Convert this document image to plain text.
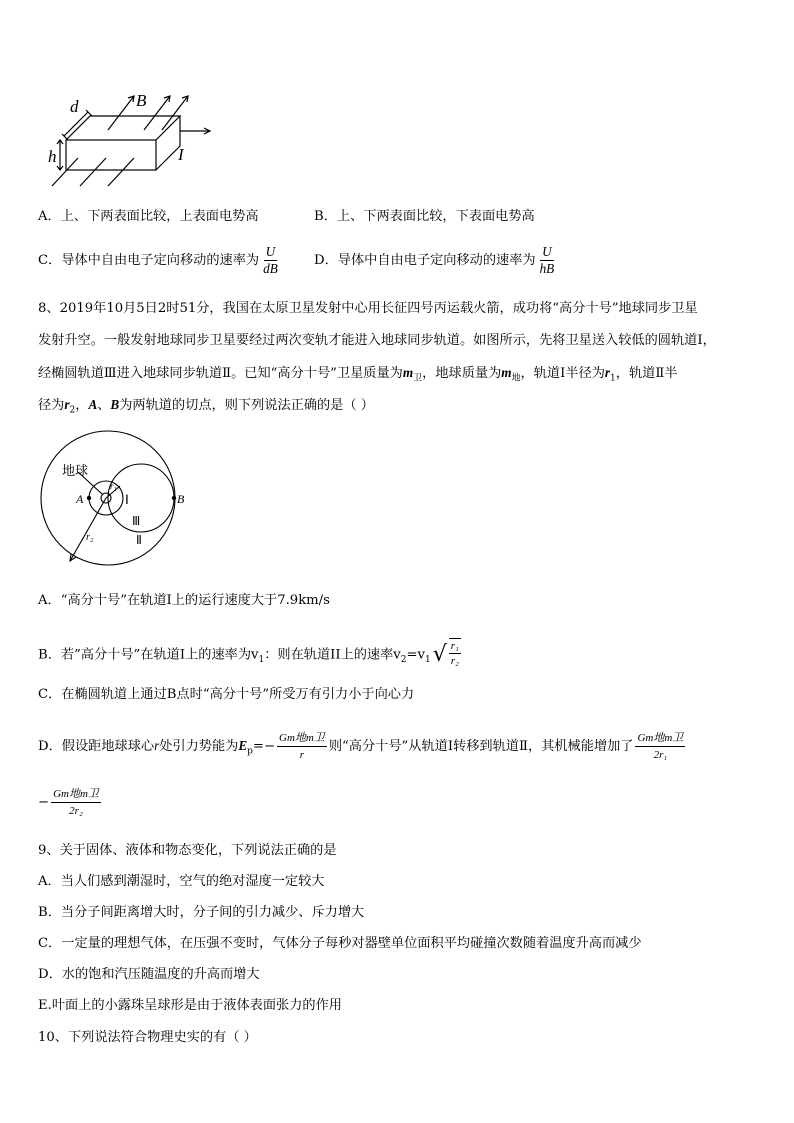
d	B
h	I
A．上、下两表面比较，上表面电势高	B．上、下两表面比较，下表面电势高
C．导体中自由电子定向移动的速率为 $\frac{U}{dB}$	D．导体中自由电子定向移动的速率为 $\frac{U}{hB}$
8、2019年10月5日2时51分，我国在太原卫星发射中心用长征四号丙运载火箭，成功将“高分十号”地球同步卫星
发射升空。一般发射地球同步卫星要经过两次变轨才能进入地球同步轨道。如图所示，先将卫星送入较低的圆轨道Ⅰ，
经椭圆轨道Ⅲ进入地球同步轨道Ⅱ。已知“高分十号”卫星质量为$m_卫$，地球质量为$m_地$，轨道Ⅰ半径为$r_1$，轨道Ⅱ半
径为$r_2$，A、B为两轨道的切点，则下列说法正确的是（ ）
地球
A	B
r₁
Ⅰ
Ⅲ
Ⅱ
r₂
A．“高分十号”在轨道Ⅰ上的运行速度大于7.9km/s
B．若”高分十号”在轨道I上的速率为$v_1$：则在轨道II上的速率$v_2=v_1$ √ $\frac{\text{r₁}}{\text{r₂}}$
C．在椭圆轨道上通过B点时“高分十号”所受万有引力小于向心力
D．假设距地球球心r处引力势能为$E_p=- \frac{\text{Gm地m卫}}{r}$ 则“高分十号”从轨道Ⅰ转移到轨道Ⅱ，其机械能增加了 $\frac{\text{Gm地m卫}}{\text{2r₁}}$
− $\frac{\text{Gm地m卫}}{\text{2r₂}}$
9、关于固体、液体和物态变化，下列说法正确的是
A．当人们感到潮湿时，空气的绝对湿度一定较大
B．当分子间距离增大时，分子间的引力减少、斥力增大
C．一定量的理想气体，在压强不变时，气体分子每秒对器壁单位面积平均碰撞次数随着温度升高而减少
D．水的饱和汽压随温度的升高而增大
E.叶面上的小露珠呈球形是由于液体表面张力的作用
10、下列说法符合物理史实的有（ ）
